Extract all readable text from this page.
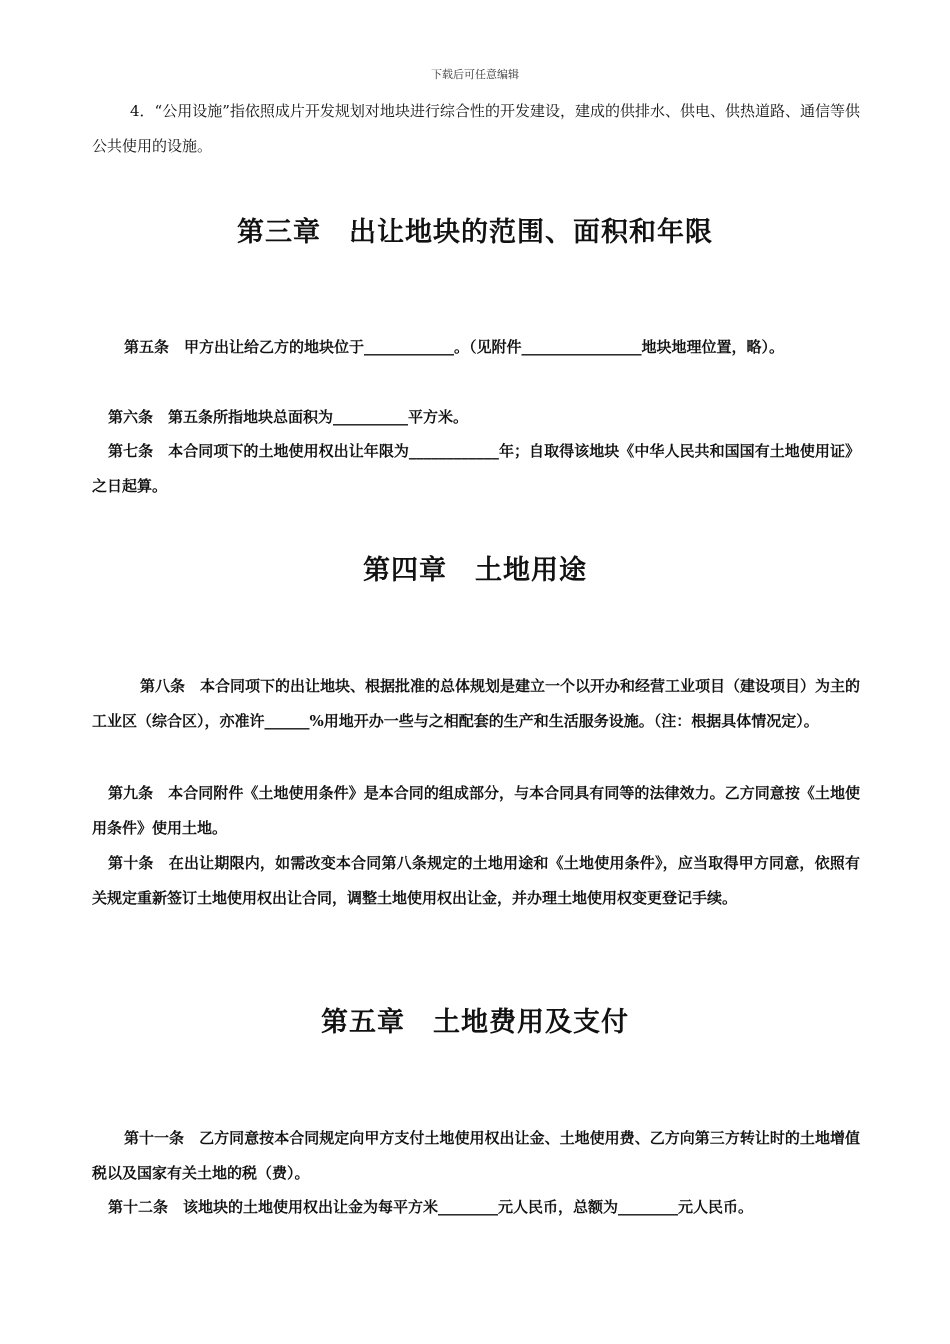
下载后可任意编辑

4．“公用设施”指依照成片开发规划对地块进行综合性的开发建设，建成的供排水、供电、供热道路、通信等供公共使用的设施。

第三章　出让地块的范围、面积和年限

第五条　甲方出让给乙方的地块位于____________。（见附件________________地块地理位置，略）。

第六条　第五条所指地块总面积为__________平方米。

第七条　本合同项下的土地使用权出让年限为____________年；自取得该地块《中华人民共和国国有土地使用证》之日起算。

第四章　土地用途

第八条　本合同项下的出让地块、根据批准的总体规划是建立一个以开办和经营工业项目（建设项目）为主的工业区（综合区），亦准许______%用地开办一些与之相配套的生产和生活服务设施。（注：根据具体情况定）。

第九条　本合同附件《土地使用条件》是本合同的组成部分，与本合同具有同等的法律效力。乙方同意按《土地使用条件》使用土地。

第十条　在出让期限内，如需改变本合同第八条规定的土地用途和《土地使用条件》，应当取得甲方同意，依照有关规定重新签订土地使用权出让合同，调整土地使用权出让金，并办理土地使用权变更登记手续。

第五章　土地费用及支付

第十一条　乙方同意按本合同规定向甲方支付土地使用权出让金、土地使用费、乙方向第三方转让时的土地增值税以及国家有关土地的税（费）。

第十二条　该地块的土地使用权出让金为每平方米________元人民币，总额为________元人民币。
